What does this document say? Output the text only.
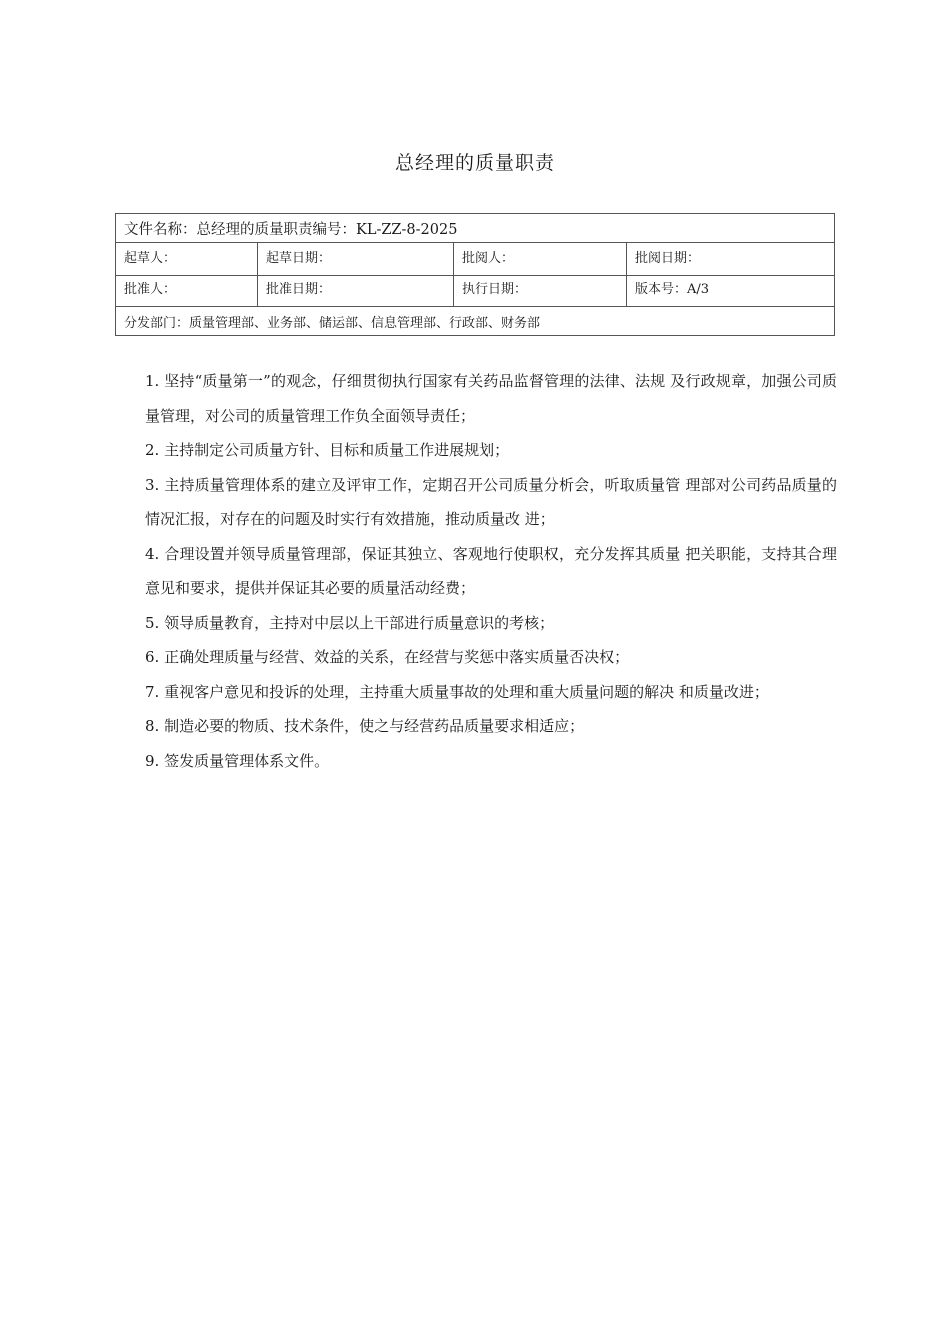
总经理的质量职责
文件名称：总经理的质量职责编号：KL-ZZ-8-2025			
起草人：	起草日期：	批阅人：	批阅日期：
批准人：	批准日期：	执行日期：	版本号：A/3
分发部门：质量管理部、业务部、储运部、信息管理部、行政部、财务部			
1. 坚持“质量第一”的观念，仔细贯彻执行国家有关药品监督管理的法律、法规 及行政规章，加强公司质量管理，对公司的质量管理工作负全面领导责任；
2. 主持制定公司质量方针、目标和质量工作进展规划；
3. 主持质量管理体系的建立及评审工作，定期召开公司质量分析会，听取质量管 理部对公司药品质量的情况汇报，对存在的问题及时实行有效措施，推动质量改 进；
4. 合理设置并领导质量管理部，保证其独立、客观地行使职权，充分发挥其质量 把关职能，支持其合理意见和要求，提供并保证其必要的质量活动经费；
5. 领导质量教育，主持对中层以上干部进行质量意识的考核；
6. 正确处理质量与经营、效益的关系，在经营与奖惩中落实质量否决权；
7. 重视客户意见和投诉的处理，主持重大质量事故的处理和重大质量问题的解决 和质量改进；
8. 制造必要的物质、技术条件，使之与经营药品质量要求相适应；
9. 签发质量管理体系文件。
